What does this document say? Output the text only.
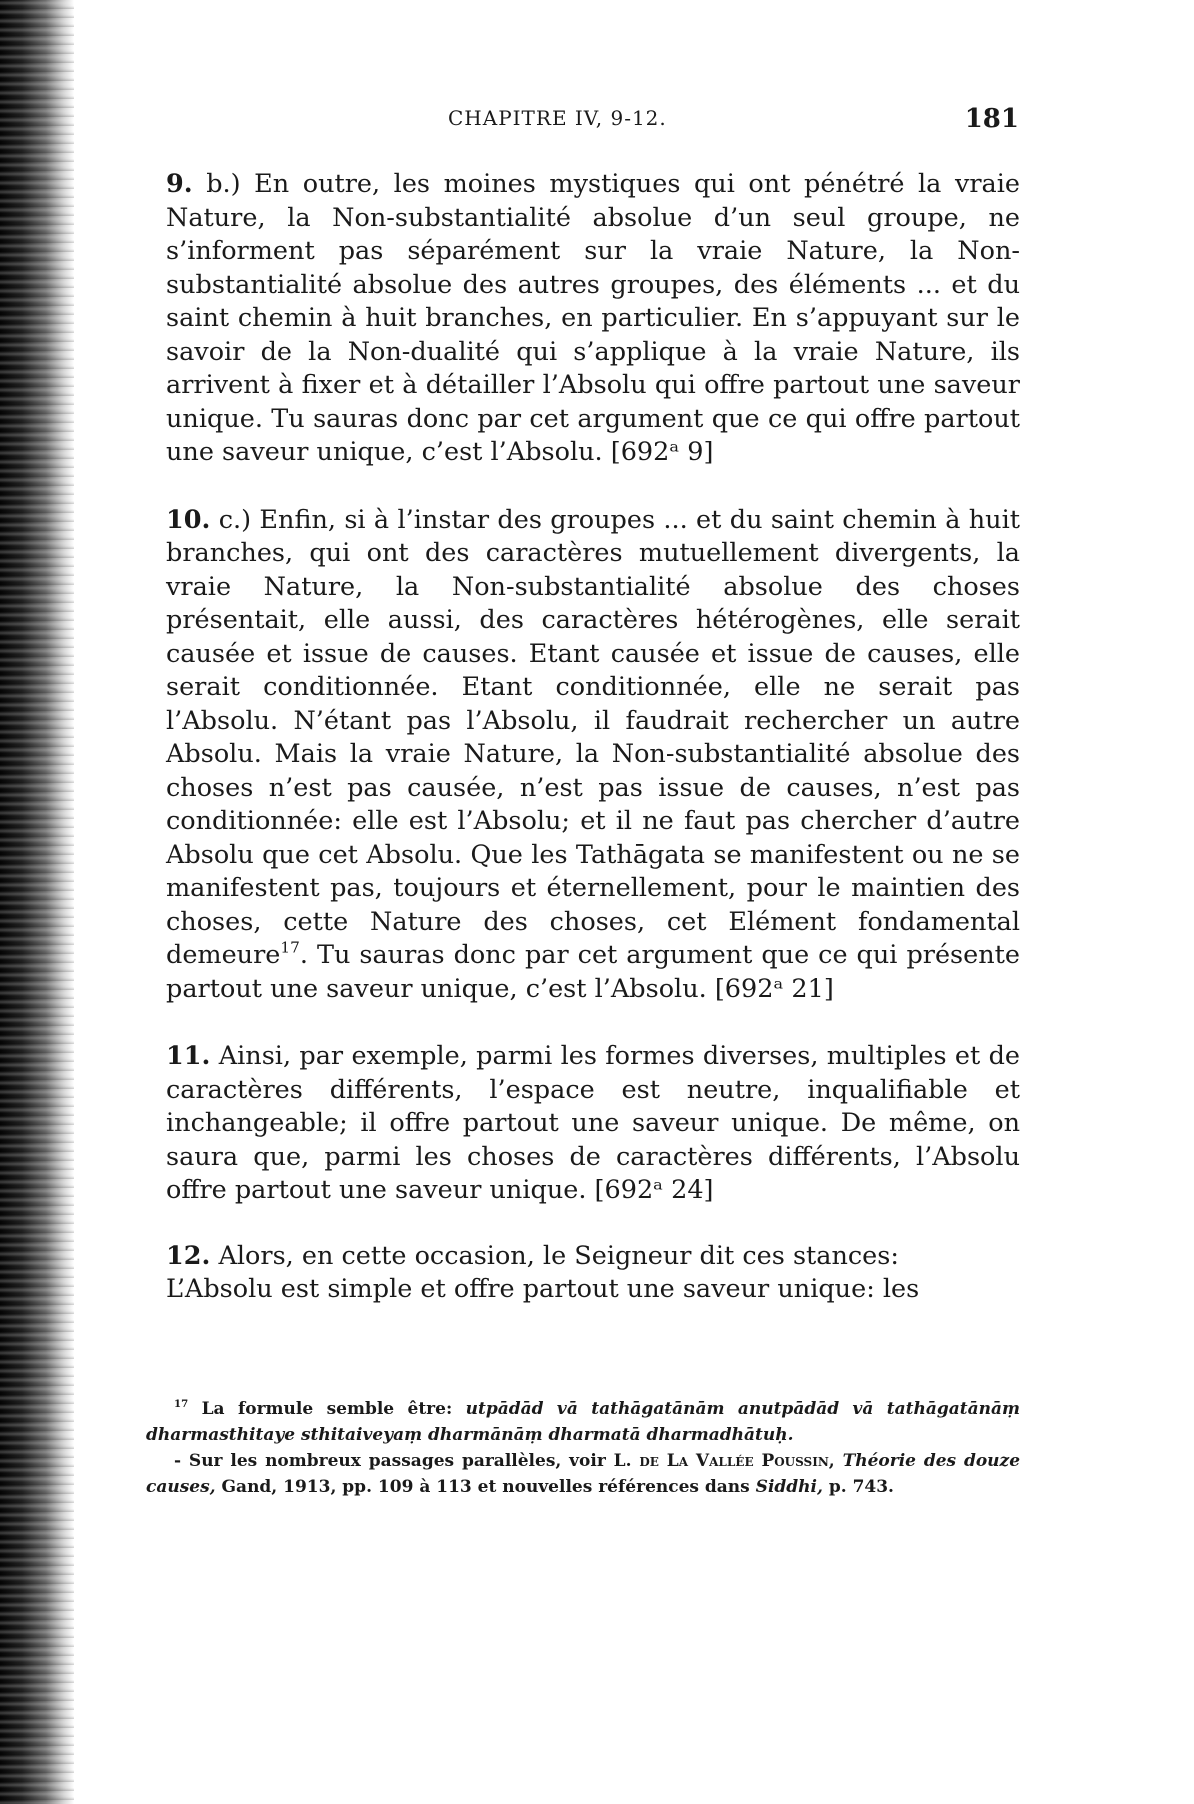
CHAPITRE IV, 9-12.	181

9. b.) En outre, les moines mystiques qui ont pénétré la vraie Nature, la Non-substantialité absolue d’un seul groupe, ne s’informent pas séparément sur la vraie Nature, la Non-substantialité absolue des autres groupes, des éléments ... et du saint chemin à huit branches, en particulier. En s’appuyant sur le savoir de la Non-dualité qui s’applique à la vraie Nature, ils arrivent à fixer et à détailler l’Absolu qui offre partout une saveur unique. Tu sauras donc par cet argument que ce qui offre partout une saveur unique, c’est l’Absolu. [692ᵃ 9]

10. c.) Enfin, si à l’instar des groupes ... et du saint chemin à huit branches, qui ont des caractères mutuellement divergents, la vraie Nature, la Non-substantialité absolue des choses présentait, elle aussi, des caractères hétérogènes, elle serait causée et issue de causes. Etant causée et issue de causes, elle serait conditionnée. Etant conditionnée, elle ne serait pas l’Absolu. N’étant pas l’Absolu, il faudrait rechercher un autre Absolu. Mais la vraie Nature, la Non-substantialité absolue des choses n’est pas causée, n’est pas issue de causes, n’est pas conditionnée: elle est l’Absolu; et il ne faut pas chercher d’autre Absolu que cet Absolu. Que les Tathāgata se manifestent ou ne se manifestent pas, toujours et éternellement, pour le maintien des choses, cette Nature des choses, cet Elément fondamental demeure$^{17}$. Tu sauras donc par cet argument que ce qui présente partout une saveur unique, c’est l’Absolu. [692ᵃ 21]

11. Ainsi, par exemple, parmi les formes diverses, multiples et de caractères différents, l’espace est neutre, inqualifiable et inchangeable; il offre partout une saveur unique. De même, on saura que, parmi les choses de caractères différents, l’Absolu offre partout une saveur unique. [692ᵃ 24]

12. Alors, en cette occasion, le Seigneur dit ces stances:
L’Absolu est simple et offre partout une saveur unique: les

$^{17}$ La formule semble être: utpādād vā tathāgatānām anutpādād vā tathāgatānāṃ dharmasthitaye sthitaiveyaṃ dharmānāṃ dharmatā dharmadhātuḥ.

- Sur les nombreux passages parallèles, voir L. de La Vallée Poussin, Théorie des douze causes, Gand, 1913, pp. 109 à 113 et nouvelles références dans Siddhi, p. 743.
